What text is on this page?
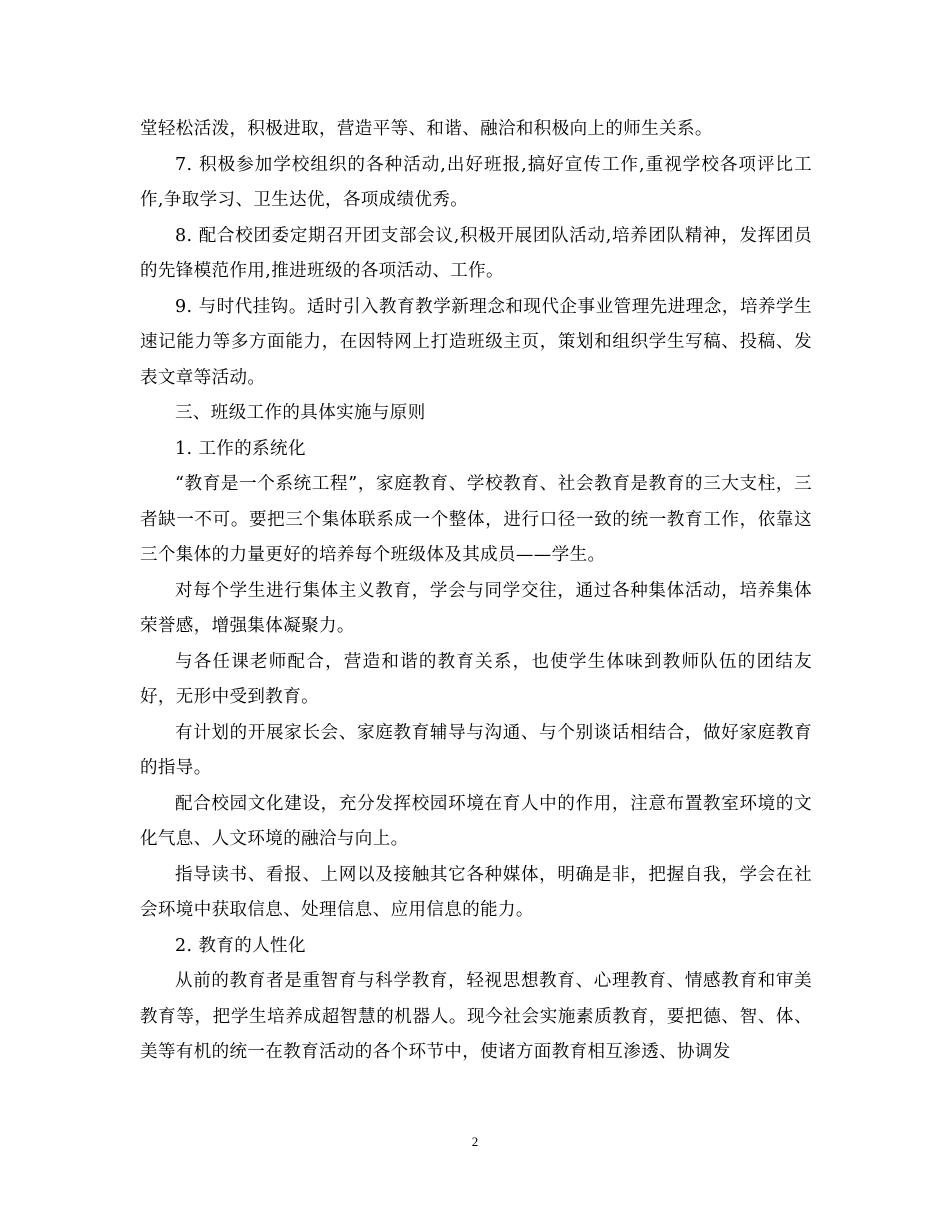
堂轻松活泼，积极进取，营造平等、和谐、融洽和积极向上的师生关系。

7. 积极参加学校组织的各种活动,出好班报,搞好宣传工作,重视学校各项评比工作,争取学习、卫生达优，各项成绩优秀。

8. 配合校团委定期召开团支部会议,积极开展团队活动,培养团队精神，发挥团员的先锋模范作用,推进班级的各项活动、工作。

9. 与时代挂钩。适时引入教育教学新理念和现代企事业管理先进理念，培养学生速记能力等多方面能力，在因特网上打造班级主页，策划和组织学生写稿、投稿、发表文章等活动。

三、班级工作的具体实施与原则

1. 工作的系统化

“教育是一个系统工程”，家庭教育、学校教育、社会教育是教育的三大支柱，三者缺一不可。要把三个集体联系成一个整体，进行口径一致的统一教育工作，依靠这三个集体的力量更好的培养每个班级体及其成员——学生。

对每个学生进行集体主义教育，学会与同学交往，通过各种集体活动，培养集体荣誉感，增强集体凝聚力。

与各任课老师配合，营造和谐的教育关系，也使学生体味到教师队伍的团结友好，无形中受到教育。

有计划的开展家长会、家庭教育辅导与沟通、与个别谈话相结合，做好家庭教育的指导。

配合校园文化建设，充分发挥校园环境在育人中的作用，注意布置教室环境的文化气息、人文环境的融洽与向上。

指导读书、看报、上网以及接触其它各种媒体，明确是非，把握自我，学会在社会环境中获取信息、处理信息、应用信息的能力。

2. 教育的人性化

从前的教育者是重智育与科学教育，轻视思想教育、心理教育、情感教育和审美教育等，把学生培养成超智慧的机器人。现今社会实施素质教育，要把德、智、体、美等有机的统一在教育活动的各个环节中，使诸方面教育相互渗透、协调发

2
